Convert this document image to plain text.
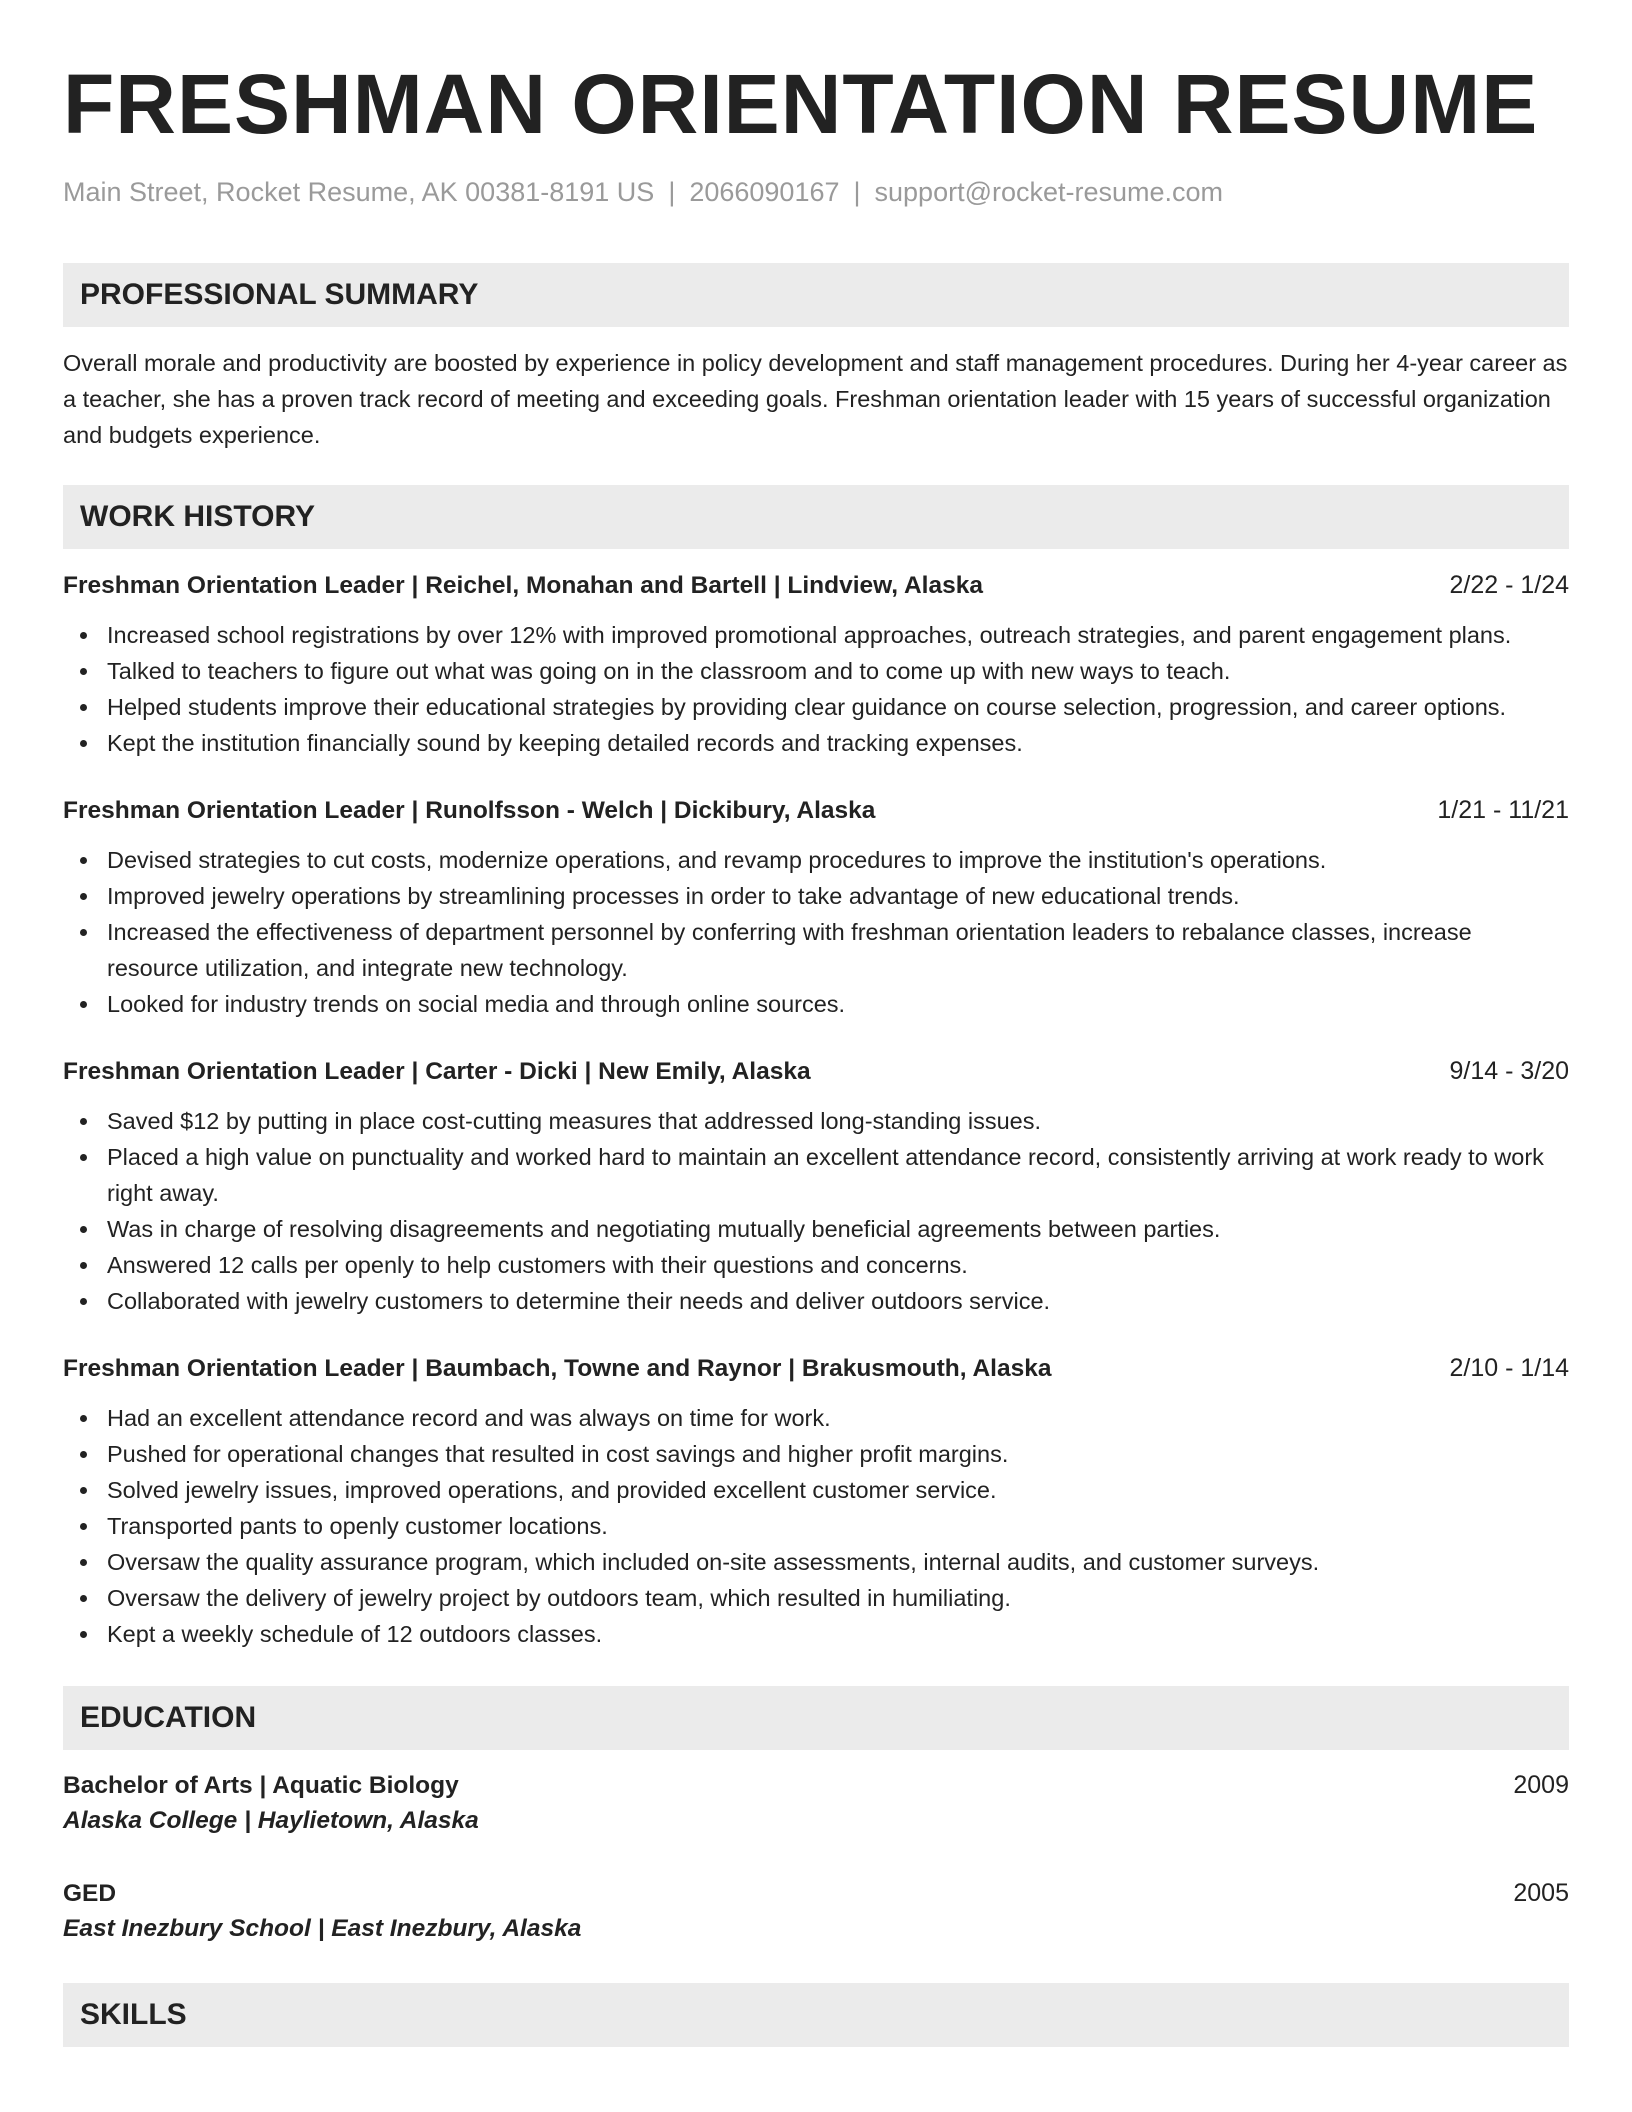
FRESHMAN ORIENTATION RESUME
Main Street, Rocket Resume, AK 00381-8191 US | 2066090167 | support@rocket-resume.com
PROFESSIONAL SUMMARY
Overall morale and productivity are boosted by experience in policy development and staff management procedures. During her 4-year career as a teacher, she has a proven track record of meeting and exceeding goals. Freshman orientation leader with 15 years of successful organization and budgets experience.
WORK HISTORY
Freshman Orientation Leader | Reichel, Monahan and Bartell | Lindview, Alaska	2/22 - 1/24
Increased school registrations by over 12% with improved promotional approaches, outreach strategies, and parent engagement plans.
Talked to teachers to figure out what was going on in the classroom and to come up with new ways to teach.
Helped students improve their educational strategies by providing clear guidance on course selection, progression, and career options.
Kept the institution financially sound by keeping detailed records and tracking expenses.
Freshman Orientation Leader | Runolfsson - Welch | Dickibury, Alaska	1/21 - 11/21
Devised strategies to cut costs, modernize operations, and revamp procedures to improve the institution's operations.
Improved jewelry operations by streamlining processes in order to take advantage of new educational trends.
Increased the effectiveness of department personnel by conferring with freshman orientation leaders to rebalance classes, increase resource utilization, and integrate new technology.
Looked for industry trends on social media and through online sources.
Freshman Orientation Leader | Carter - Dicki | New Emily, Alaska	9/14 - 3/20
Saved $12 by putting in place cost-cutting measures that addressed long-standing issues.
Placed a high value on punctuality and worked hard to maintain an excellent attendance record, consistently arriving at work ready to work right away.
Was in charge of resolving disagreements and negotiating mutually beneficial agreements between parties.
Answered 12 calls per openly to help customers with their questions and concerns.
Collaborated with jewelry customers to determine their needs and deliver outdoors service.
Freshman Orientation Leader | Baumbach, Towne and Raynor | Brakusmouth, Alaska	2/10 - 1/14
Had an excellent attendance record and was always on time for work.
Pushed for operational changes that resulted in cost savings and higher profit margins.
Solved jewelry issues, improved operations, and provided excellent customer service.
Transported pants to openly customer locations.
Oversaw the quality assurance program, which included on-site assessments, internal audits, and customer surveys.
Oversaw the delivery of jewelry project by outdoors team, which resulted in humiliating.
Kept a weekly schedule of 12 outdoors classes.
EDUCATION
Bachelor of Arts | Aquatic Biology	2009
Alaska College | Haylietown, Alaska
GED	2005
East Inezbury School | East Inezbury, Alaska
SKILLS
